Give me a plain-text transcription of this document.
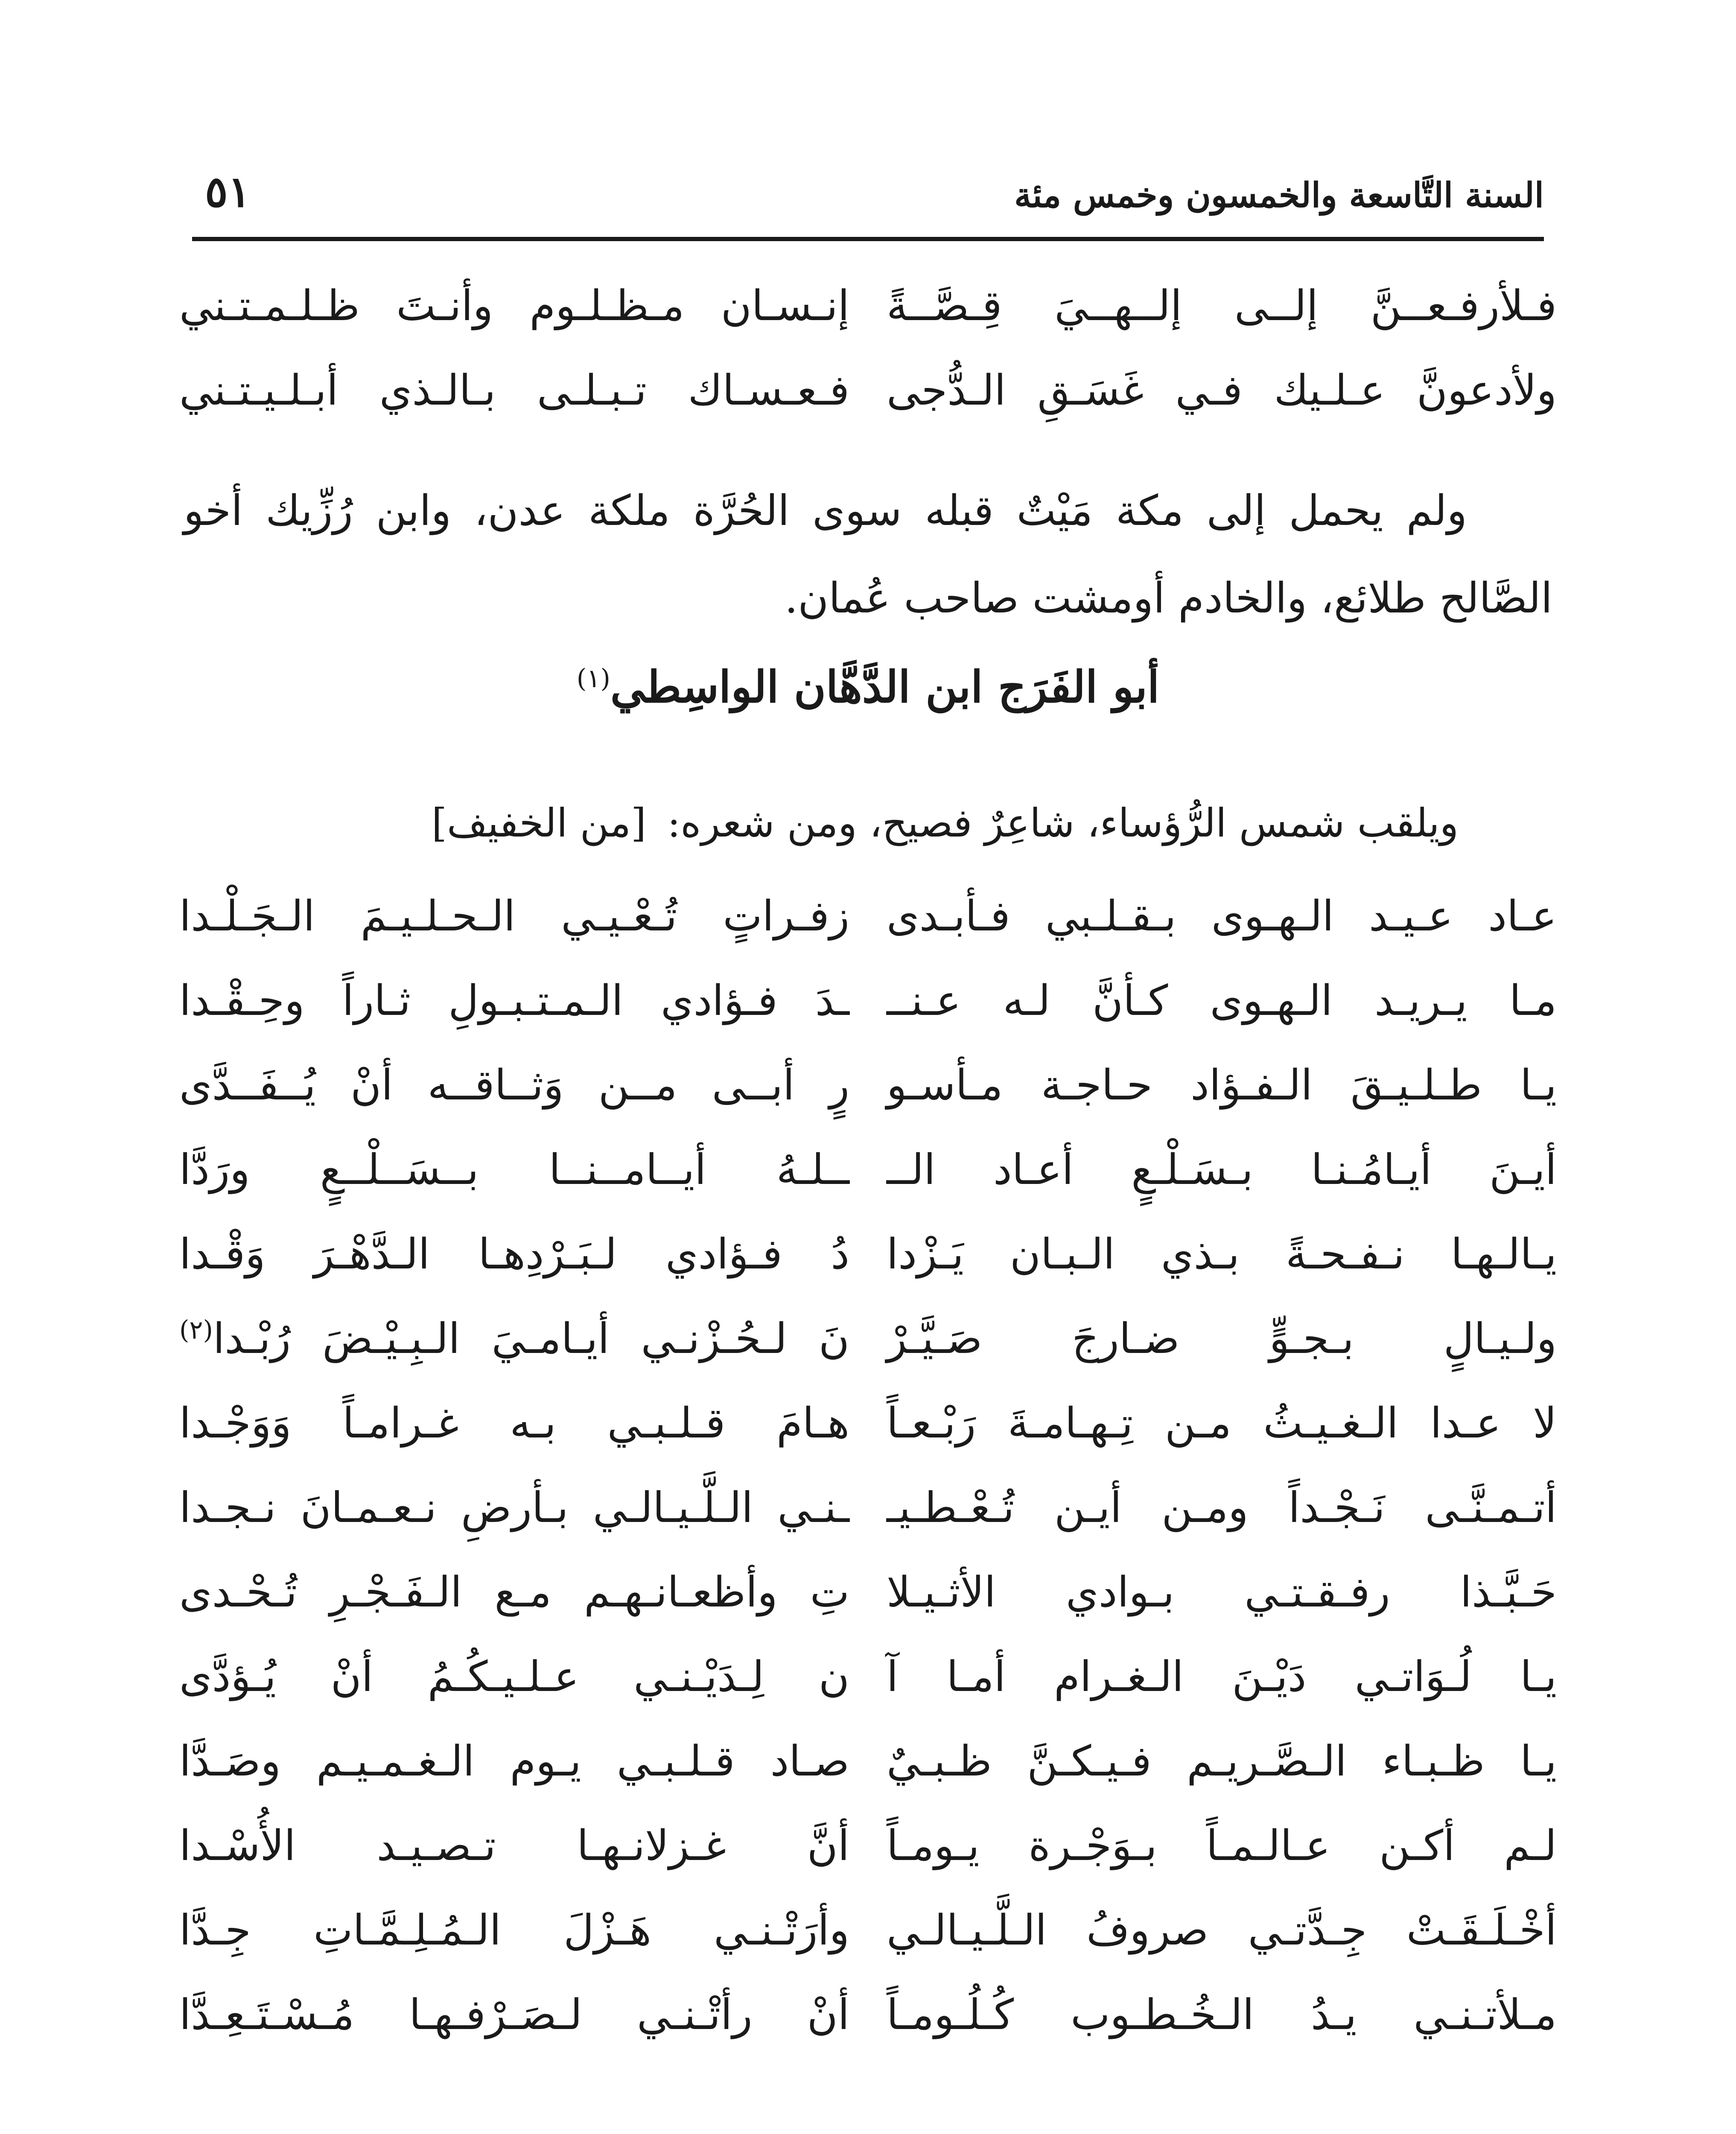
السنة التَّاسعة والخمسون وخمس مئة
٥١
فـلأرفـعــنَّ إلــى إلــهــيَ قِـصَّــةً
إنـسـان مـظـلـوم وأنـتَ ظـلـمـتـني
ولأدعونَّ عـلـيك فـي غَسَـقِ الـدُّجى
فـعـسـاك تـبـلـى بـالـذي أبـلـيـتـني

ولم يحمل إلى مكة مَيْتٌ قبله سوى الحُرَّة ملكة عدن، وابن رُزِّيك أخو الصَّالح طلائع، والخادم أومشت صاحب عُمان.

أبو الفَرَج ابن الدَّهَّان الواسِطي$^{(١)}$
ويلقب شمس الرُّؤساء، شاعِرٌ فصيح، ومن شعره: [من الخفيف]
عـاد عـيـد الـهـوى بـقـلـبي فـأبـدى
زفـراتٍ تُـعْـيـي الـحـلـيـمَ الـجَـلْـدا
مـا يـريـد الـهـوى كـأنَّ لـه عـنــ
ـدَ فـؤادي الـمـتـبـولِ ثـاراً وحِـقْـدا
يـا طـلـيـقَ الـفـؤاد حـاجـة مـأسـو
رٍ أبــى مــن وَثــاقــه أنْ يُــفَــدَّى
أيـنَ أيـامُـنـا بـسَـلْـعٍ أعـاد الــ
ــلـهُ أيــامــنــا بــسَــلْــعٍ ورَدَّا
يـالـهـا نـفـحـةً بـذي الـبـان يَـزْدا
دُ فـؤادي لـبَـرْدِهـا الـدَّهْـرَ وَقْـدا
ولـيـالٍ بـجـوٍّ ضـارجَ صَـيَّـرْ
نَ لـحُـزْنـي أيـامـيَ الـبِـيْـضَ رُبْـدا$^{(٢)}$
لا عـدا الـغـيـثُ مـن تِـهـامـةَ رَبْـعـاً
هـامَ قـلـبـي بـه غـرامـاً وَوَجْـدا
أتـمـنَّـى نَـجْـداً ومـن أيـن تُـعْـطـيـ
ـنـي الـلَّـيـالـي بـأرضِ نـعـمـانَ نـجـدا
حَـبَّـذا رفـقـتـي بـوادي الأثـيـلا
تِ وأظعـانـهـم مـع الـفَـجْـرِ تُـحْـدى
يـا لُـوَاتـي دَيْـنَ الـغـرام أمـا آ
ن لِـدَيْـنـي عـلـيـكُـمُ أنْ يُـؤدَّى
يـا ظـبـاء الـصَّـريـم فـيـكـنَّ ظـبـيٌ
صـاد قـلـبـي يـوم الـغـمـيـم وصَـدَّا
لـم أكـن عـالـمـاً بـوَجْـرة يـومـاً
أنَّ غـزلانـهـا تـصـيـد الأُسْـدا
أخْـلَـقَـتْ جِـدَّتـي صروفُ الـلَّـيـالـي
وأرَتْـنـي هَـزْلَ الـمُـلِـمَّـاتِ جِـدَّا
مـلأتـنـي يـدُ الـخُـطـوب كُـلُـومـاً
أنْ رأتْـنـي لـصَـرْفـهـا مُـسْـتَـعِـدَّا
